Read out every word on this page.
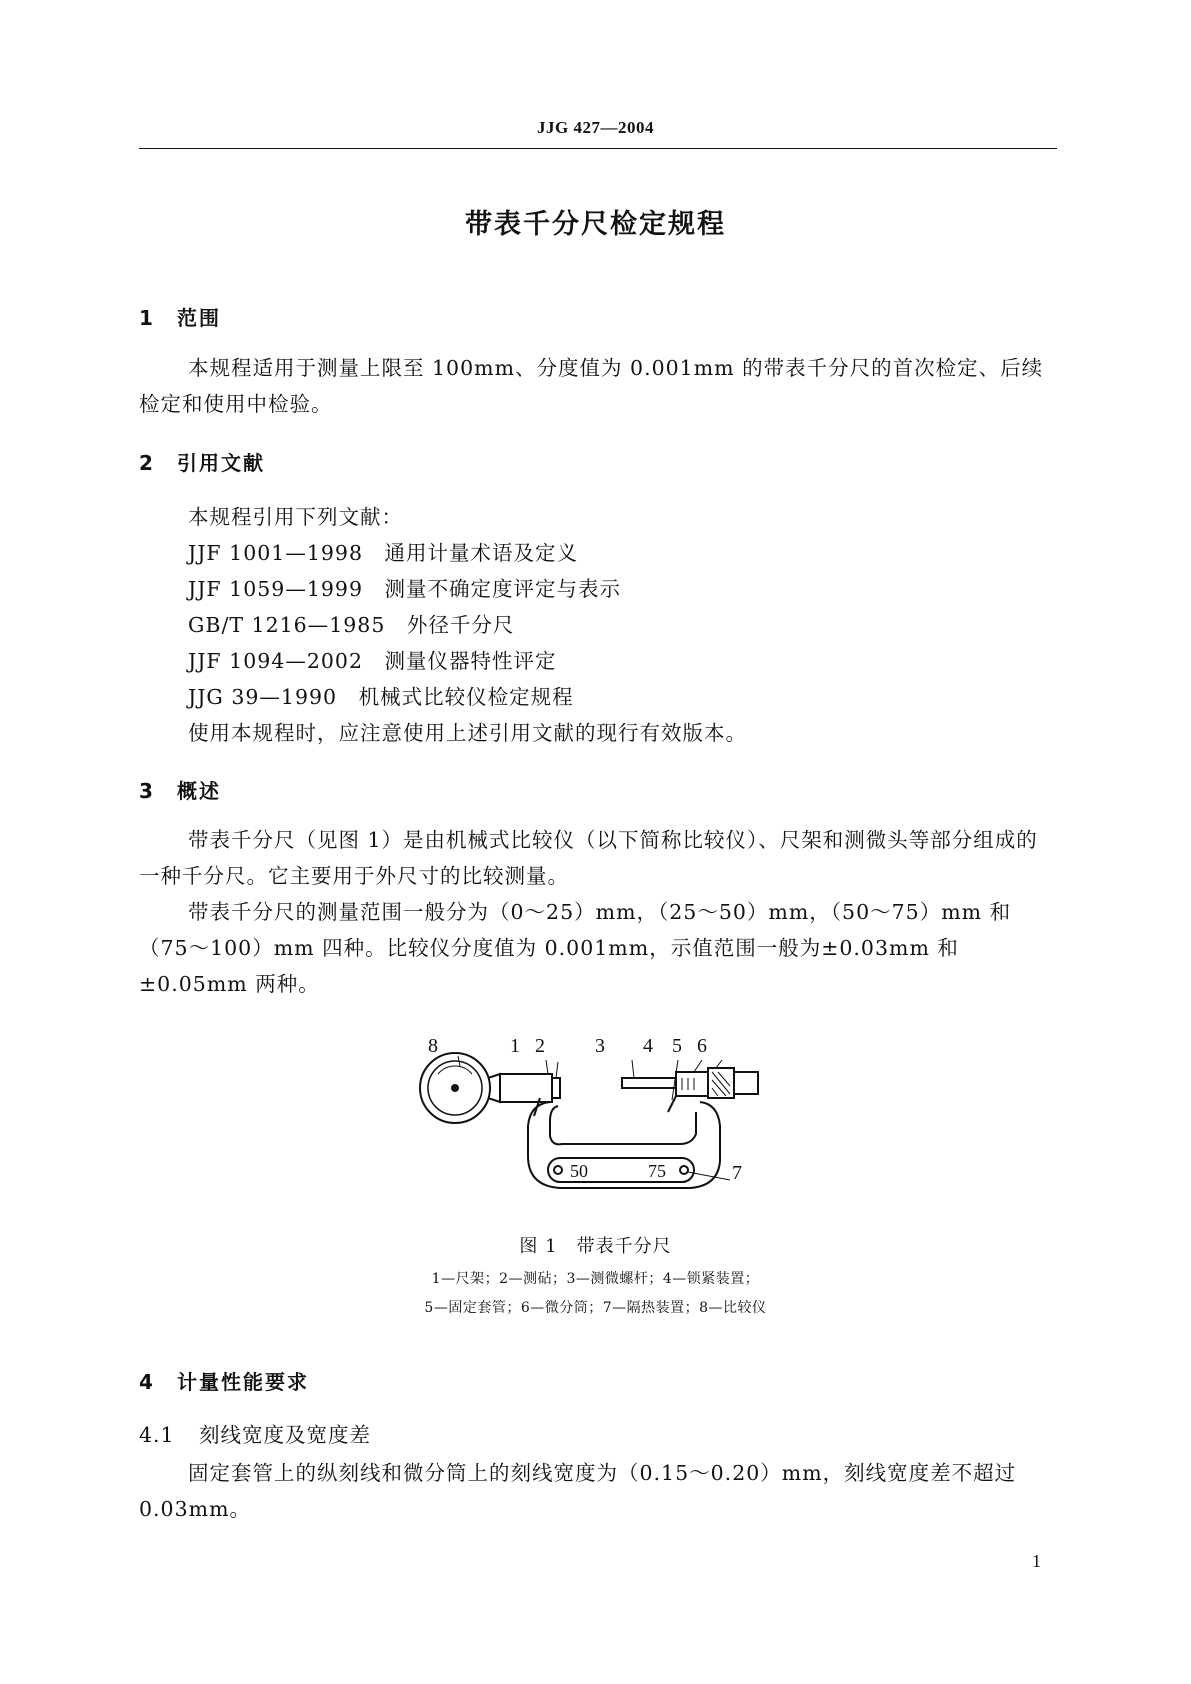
JJG 427—2004
带表千分尺检定规程
1 范围
本规程适用于测量上限至 100mm、分度值为 0.001mm 的带表千分尺的首次检定、后续检定和使用中检验。
2 引用文献
本规程引用下列文献：
JJF 1001—1998　通用计量术语及定义
JJF 1059—1999　测量不确定度评定与表示
GB/T 1216—1985　外径千分尺
JJF 1094—2002　测量仪器特性评定
JJG 39—1990　机械式比较仪检定规程
使用本规程时，应注意使用上述引用文献的现行有效版本。
3 概述
带表千分尺（见图 1）是由机械式比较仪（以下简称比较仪）、尺架和测微头等部分组成的一种千分尺。它主要用于外尺寸的比较测量。
带表千分尺的测量范围一般分为（0～25）mm，（25～50）mm，（50～75）mm 和（75～100）mm 四种。比较仪分度值为 0.001mm，示值范围一般为±0.03mm 和±0.05mm 两种。
8	1 2	3 4 5 6
7
50	75
图 1　带表千分尺
1—尺架；2—测砧；3—测微螺杆；4—锁紧装置；
5—固定套管；6—微分筒；7—隔热装置；8—比较仪
4 计量性能要求
4.1 刻线宽度及宽度差
固定套管上的纵刻线和微分筒上的刻线宽度为（0.15～0.20）mm，刻线宽度差不超过 0.03mm。
1
